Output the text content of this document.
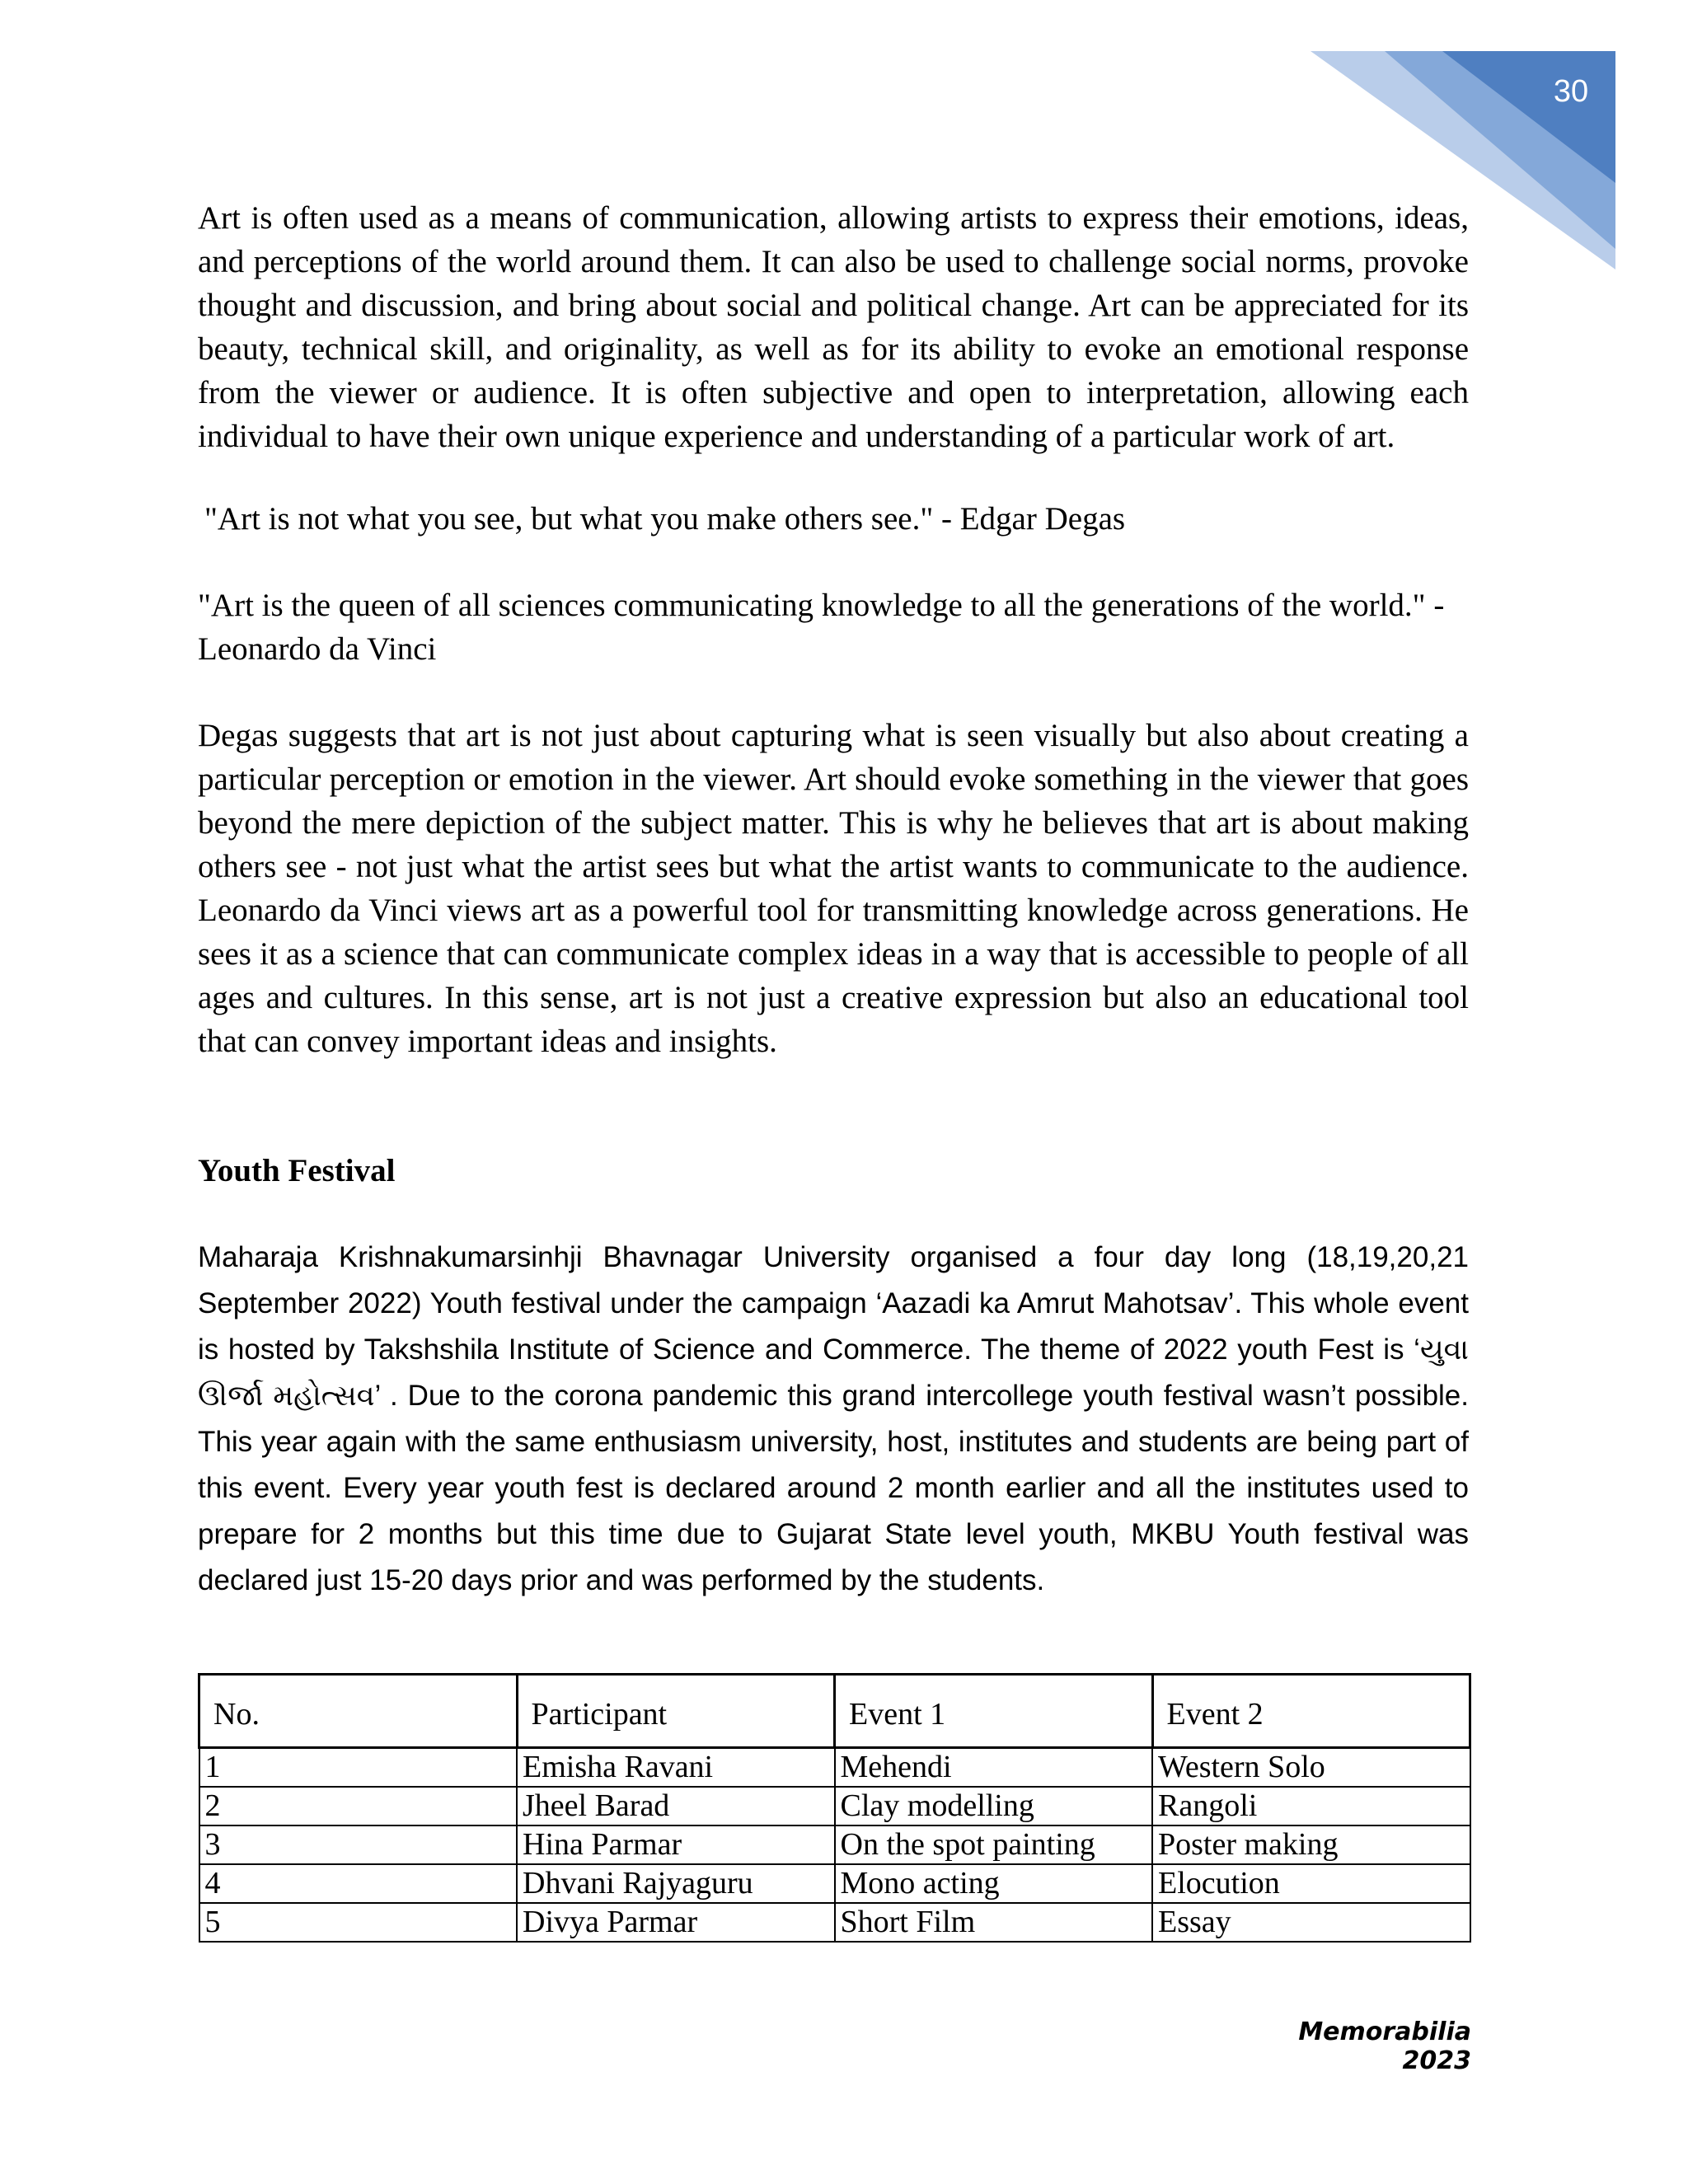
30

Art is often used as a means of communication, allowing artists to express their emotions, ideas, and perceptions of the world around them. It can also be used to challenge social norms, provoke thought and discussion, and bring about social and political change. Art can be appreciated for its beauty, technical skill, and originality, as well as for its ability to evoke an emotional response from the viewer or audience. It is often subjective and open to interpretation, allowing each individual to have their own unique experience and understanding of a particular work of art.

"Art is not what you see, but what you make others see." - Edgar Degas

"Art is the queen of all sciences communicating knowledge to all the generations of the world." - Leonardo da Vinci

Degas suggests that art is not just about capturing what is seen visually but also about creating a particular perception or emotion in the viewer. Art should evoke something in the viewer that goes beyond the mere depiction of the subject matter. This is why he believes that art is about making others see - not just what the artist sees but what the artist wants to communicate to the audience. Leonardo da Vinci views art as a powerful tool for transmitting knowledge across generations. He sees it as a science that can communicate complex ideas in a way that is accessible to people of all ages and cultures. In this sense, art is not just a creative expression but also an educational tool that can convey important ideas and insights.

Youth Festival

Maharaja Krishnakumarsinhji Bhavnagar University organised a four day long (18,19,20,21 September 2022) Youth festival under the campaign ‘Aazadi ka Amrut Mahotsav’. This whole event is hosted by Takshshila Institute of Science and Commerce. The theme of 2022 youth Fest is ‘યુવા ઊર્જા મહોત્સવ’ . Due to the corona pandemic this grand intercollege youth festival wasn’t possible. This year again with the same enthusiasm university, host, institutes and students are being part of this event. Every year youth fest is declared around 2 month earlier and all the institutes used to prepare for 2 months but this time due to Gujarat State level youth, MKBU Youth festival was declared just 15-20 days prior and was performed by the students.

No.	Participant	Event 1	Event 2
1	Emisha Ravani	Mehendi	Western Solo
2	Jheel Barad	Clay modelling	Rangoli
3	Hina Parmar	On the spot painting	Poster making
4	Dhvani Rajyaguru	Mono acting	Elocution
5	Divya Parmar	Short Film	Essay
Memorabilia 2023
